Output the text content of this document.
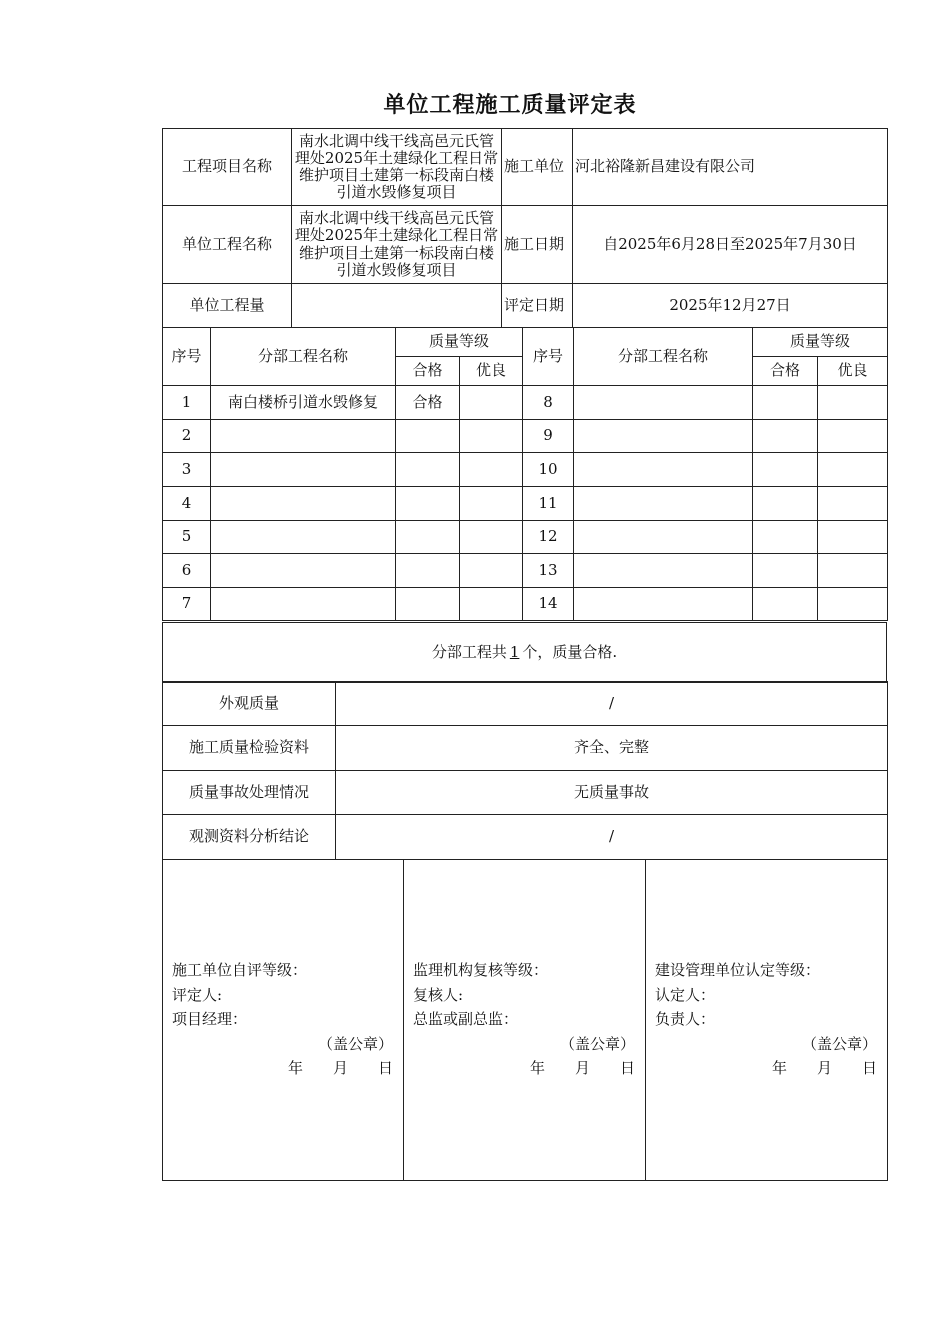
单位工程施工质量评定表
工程项目名称	南水北调中线干线高邑元氏管理处2025年土建绿化工程日常维护项目土建第一标段南白楼引道水毁修复项目	施工单位	河北裕隆新昌建设有限公司
单位工程名称	南水北调中线干线高邑元氏管理处2025年土建绿化工程日常维护项目土建第一标段南白楼引道水毁修复项目	施工日期	自2025年6月28日至2025年7月30日
单位工程量		评定日期	2025年12月27日
序号	分部工程名称	质量等级		序号	分部工程名称	质量等级	
		合格	优良			合格	优良
1	南白楼桥引道水毁修复	合格		8			
2				9			
3				10			
4				11			
5				12			
6				13			
7				14			
分部工程共 1 个，质量合格.
外观质量	/
施工质量检验资料	齐全、完整
质量事故处理情况	无质量事故
观测资料分析结论	/
施工单位自评等级：
评定人:
项目经理：
（盖公章）
年　　月　　日

监理机构复核等级：
复核人:
总监或副总监：
（盖公章）
年　　月　　日

建设管理单位认定等级：
认定人：
负责人：
（盖公章）
年　　月　　日
